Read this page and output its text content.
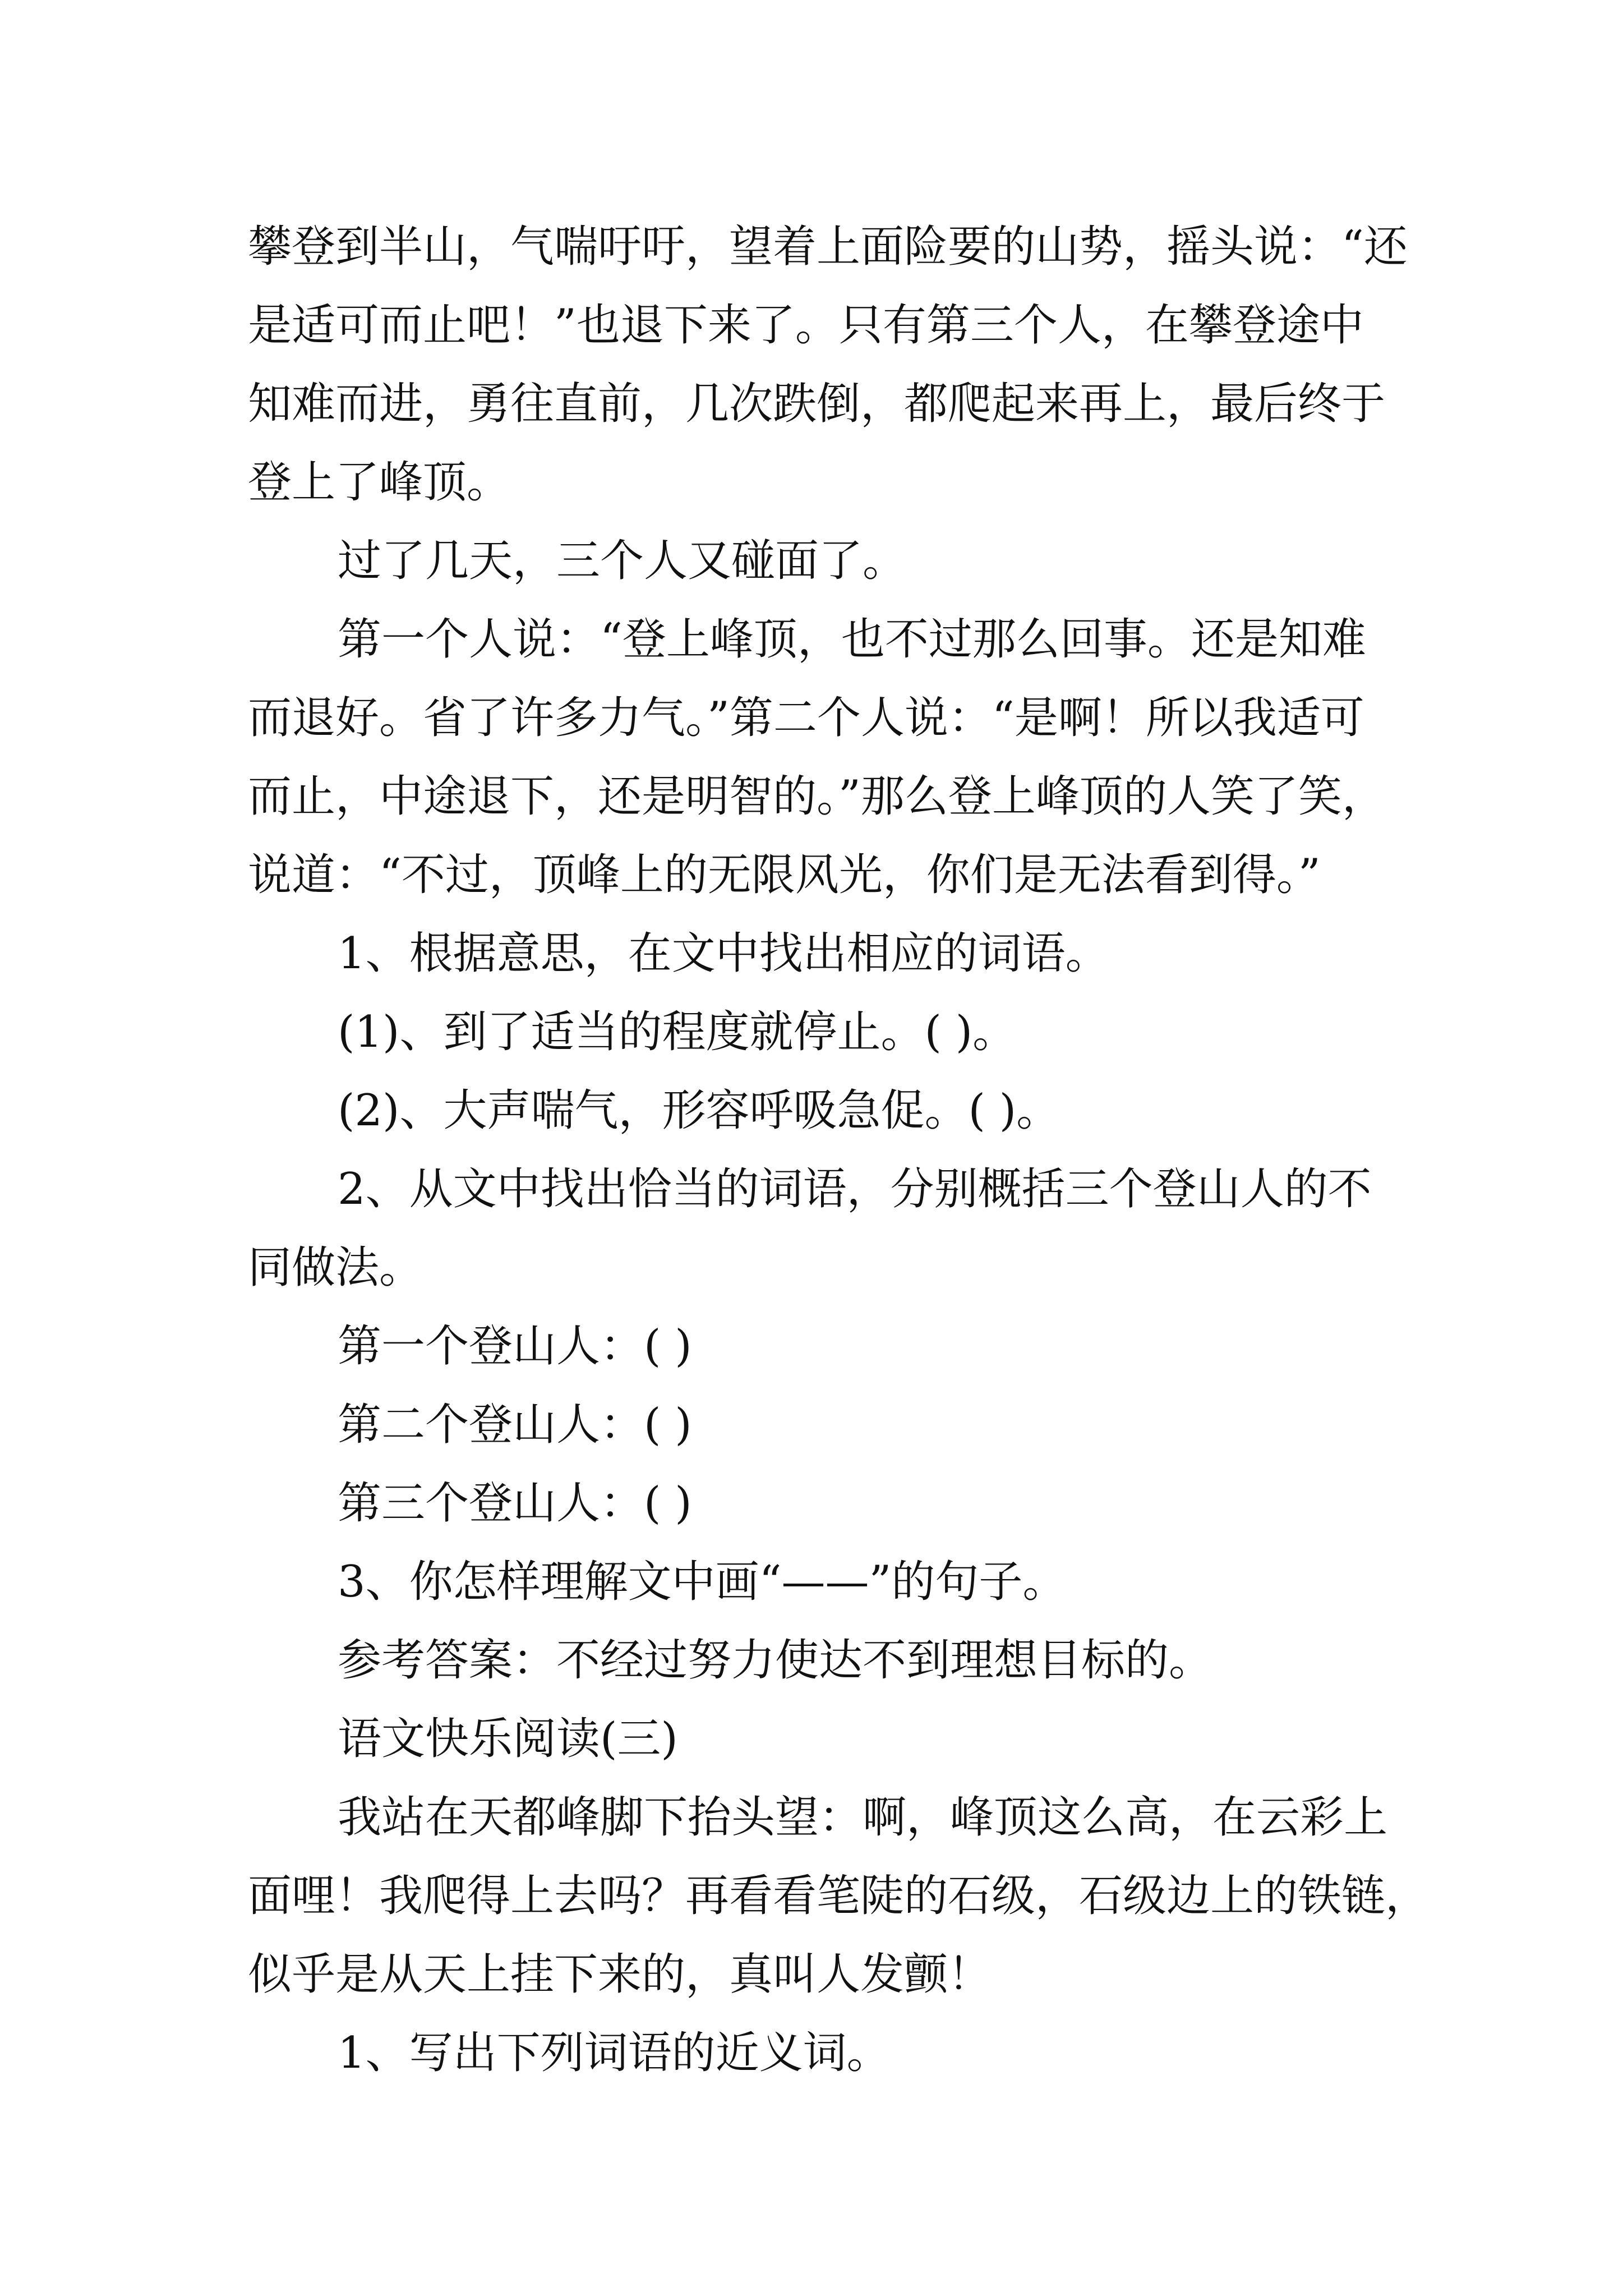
攀登到半山，气喘吁吁，望着上面险要的山势，摇头说：“还

是适可而止吧！”也退下来了。只有第三个人，在攀登途中

知难而进，勇往直前，几次跌倒，都爬起来再上，最后终于

登上了峰顶。

过了几天，三个人又碰面了。

第一个人说：“登上峰顶，也不过那么回事。还是知难

而退好。省了许多力气。”第二个人说：“是啊！所以我适可

而止，中途退下，还是明智的。”那么登上峰顶的人笑了笑，

说道：“不过，顶峰上的无限风光，你们是无法看到得。”

1、根据意思，在文中找出相应的词语。

(1)、到了适当的程度就停止。( )。

(2)、大声喘气，形容呼吸急促。( )。

2、从文中找出恰当的词语，分别概括三个登山人的不

同做法。

第一个登山人：( )

第二个登山人：( )

第三个登山人：( )

3、你怎样理解文中画“——”的句子。

参考答案：不经过努力使达不到理想目标的。

语文快乐阅读(三)

我站在天都峰脚下抬头望：啊，峰顶这么高，在云彩上

面哩！我爬得上去吗？再看看笔陡的石级，石级边上的铁链，

似乎是从天上挂下来的，真叫人发颤！

1、写出下列词语的近义词。
